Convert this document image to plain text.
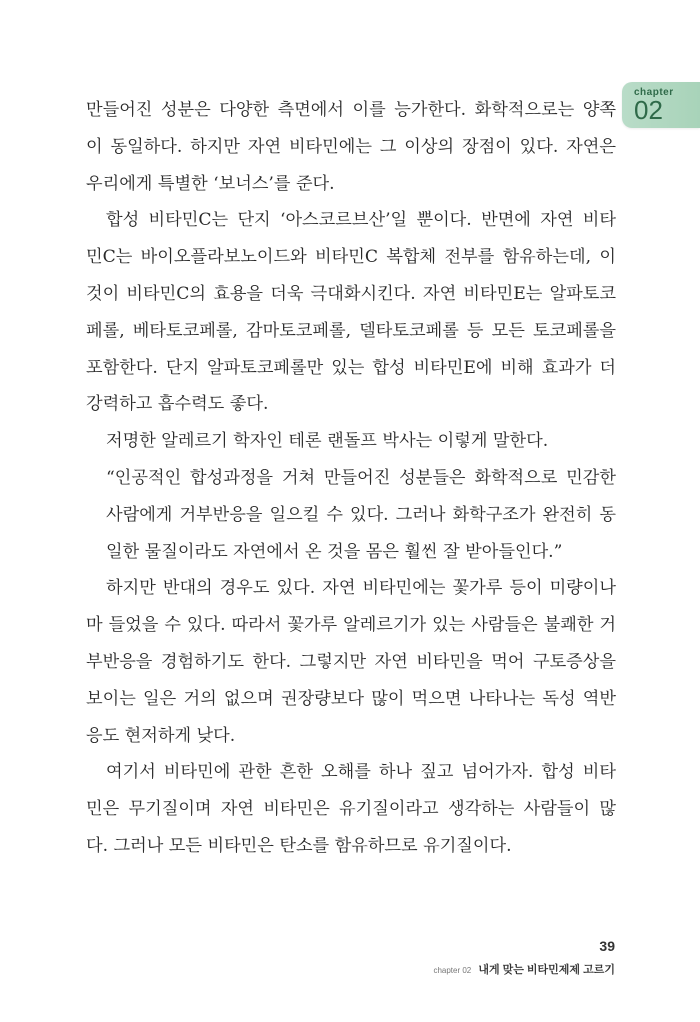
chapter
02
만들어진 성분은 다양한 측면에서 이를 능가한다. 화학적으로는 양쪽
이 동일하다. 하지만 자연 비타민에는 그 이상의 장점이 있다. 자연은
우리에게 특별한 ‘보너스’를 준다.
합성 비타민C는 단지 ‘아스코르브산’일 뿐이다. 반면에 자연 비타
민C는 바이오플라보노이드와 비타민C 복합체 전부를 함유하는데, 이
것이 비타민C의 효용을 더욱 극대화시킨다. 자연 비타민E는 알파토코
페롤, 베타토코페롤, 감마토코페롤, 델타토코페롤 등 모든 토코페롤을
포함한다. 단지 알파토코페롤만 있는 합성 비타민E에 비해 효과가 더
강력하고 흡수력도 좋다.
저명한 알레르기 학자인 테론 랜돌프 박사는 이렇게 말한다.
“인공적인 합성과정을 거쳐 만들어진 성분들은 화학적으로 민감한
사람에게 거부반응을 일으킬 수 있다. 그러나 화학구조가 완전히 동
일한 물질이라도 자연에서 온 것을 몸은 훨씬 잘 받아들인다.”
하지만 반대의 경우도 있다. 자연 비타민에는 꽃가루 등이 미량이나
마 들었을 수 있다. 따라서 꽃가루 알레르기가 있는 사람들은 불쾌한 거
부반응을 경험하기도 한다. 그렇지만 자연 비타민을 먹어 구토증상을
보이는 일은 거의 없으며 권장량보다 많이 먹으면 나타나는 독성 역반
응도 현저하게 낮다.
여기서 비타민에 관한 흔한 오해를 하나 짚고 넘어가자. 합성 비타
민은 무기질이며 자연 비타민은 유기질이라고 생각하는 사람들이 많
다. 그러나 모든 비타민은 탄소를 함유하므로 유기질이다.
39
chapter 02 내게 맞는 비타민제제 고르기
